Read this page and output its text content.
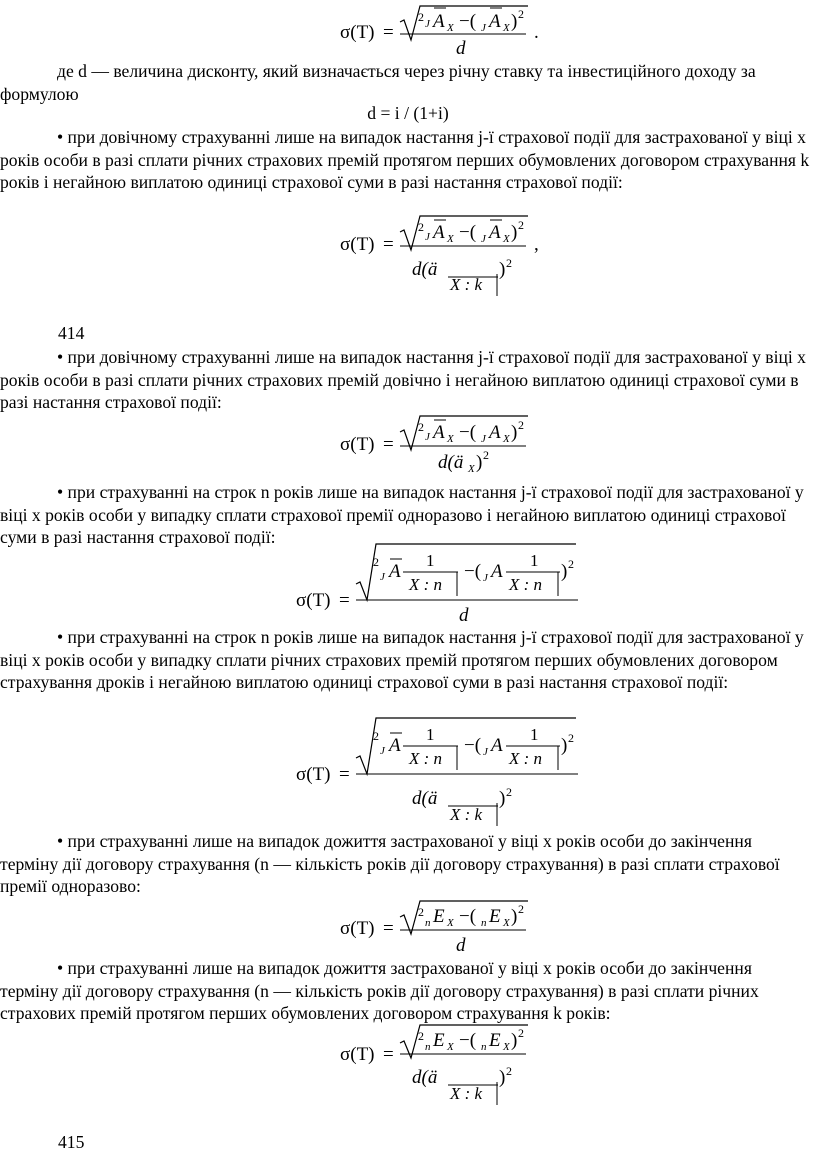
σ(T) =
2 J A X −( J A X ) 2
d
.

де d — величина дисконту, який визначається через річну ставку та інвестиційного доходу за формулою

d = i / (1+i)

• при довічному страхуванні лише на випадок настання j-ї страхової події для застрахованої у віці x років особи в разі сплати річних страхових премій протягом перших обумовлених договором страхування k років і негайною виплатою одиниці страхової суми в разі настання страхової події:

σ(T) =
2
J A X −( J A X ) 2
d(ä	) 2
X : k
,
414

• при довічному страхуванні лише на випадок настання j-ї страхової події для застрахованої у віці x років особи в разі сплати річних страхових премій довічно і негайною виплатою одиниці страхової суми в разі настання страхової події:

σ(T) =
2
J A X −( J A X ) 2
d(ä X ) 2

• при страхуванні на строк n років лише на випадок настання j-ї страхової події для застрахованої у віці x років особи у випадку сплати страхової премії одноразово і негайною виплатою одиниці страхової суми в разі настання страхової події:

σ(T) =
2
J A
1
X : n
−( J A
1
X : n
) 2
d

• при страхуванні на строк n років лише на випадок настання j-ї страхової події для застрахованої у віці x років особи у випадку сплати річних страхових премій протягом перших обумовлених договором страхування дроків і негайною виплатою одиниці страхової суми в разі настання страхової події:

σ(T) =
2
J A
1
X : n
−( J A
1
X : n
) 2
d(ä	) 2
X : k

• при страхуванні лише на випадок дожиття застрахованої у віці x років особи до закінчення терміну дії договору страхування (n — кількість років дії договору страхування) в разі сплати страхової премії одноразово:

σ(T) =
2
n E X −( n E X ) 2
d

• при страхуванні лише на випадок дожиття застрахованої у віці x років особи до закінчення терміну дії договору страхування (n — кількість років дії договору страхування) в разі сплати річних страхових премій протягом перших обумовлених договором страхування k років:

σ(T) =
2
n E X −( n E X ) 2
d(ä	) 2
X : k
415
